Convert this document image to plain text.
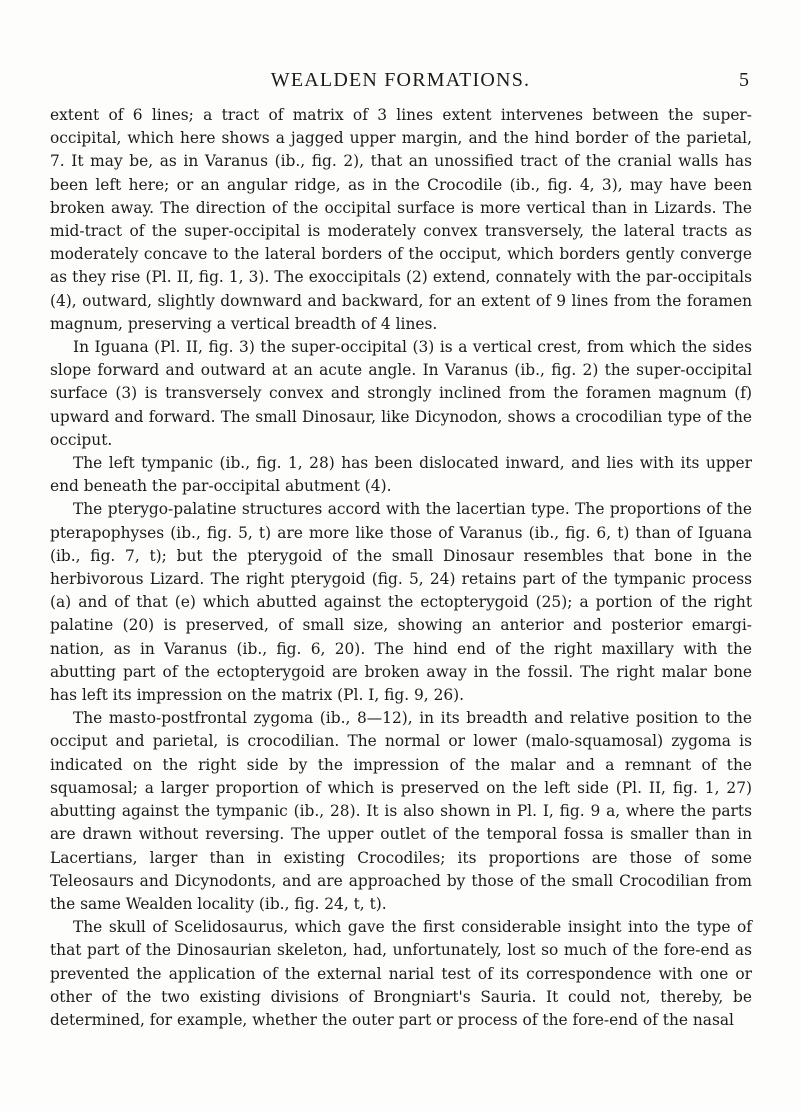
WEALDEN FORMATIONS.	5

extent of 6 lines; a tract of matrix of 3 lines extent intervenes between the super-occipital, which here shows a jagged upper margin, and the hind border of the parietal, 7. It may be, as in Varanus (ib., fig. 2), that an unossified tract of the cranial walls has been left here; or an angular ridge, as in the Crocodile (ib., fig. 4, 3), may have been broken away. The direction of the occipital surface is more vertical than in Lizards. The mid-tract of the super-occipital is moderately convex transversely, the lateral tracts as moderately concave to the lateral borders of the occiput, which borders gently converge as they rise (Pl. II, fig. 1, 3). The exoccipitals (2) extend, connately with the par-occipitals (4), outward, slightly downward and backward, for an extent of 9 lines from the foramen magnum, preserving a vertical breadth of 4 lines.

In Iguana (Pl. II, fig. 3) the super-occipital (3) is a vertical crest, from which the sides slope forward and outward at an acute angle. In Varanus (ib., fig. 2) the super-occipital surface (3) is transversely convex and strongly inclined from the foramen magnum (f) upward and forward. The small Dinosaur, like Dicynodon, shows a crocodilian type of the occiput.

The left tympanic (ib., fig. 1, 28) has been dislocated inward, and lies with its upper end beneath the par-occipital abutment (4).

The pterygo-palatine structures accord with the lacertian type. The proportions of the pterapophyses (ib., fig. 5, t) are more like those of Varanus (ib., fig. 6, t) than of Iguana (ib., fig. 7, t); but the pterygoid of the small Dinosaur resembles that bone in the herbivorous Lizard. The right pterygoid (fig. 5, 24) retains part of the tympanic process (a) and of that (e) which abutted against the ectopterygoid (25); a portion of the right palatine (20) is preserved, of small size, showing an anterior and posterior emargi-nation, as in Varanus (ib., fig. 6, 20). The hind end of the right maxillary with the abutting part of the ectopterygoid are broken away in the fossil. The right malar bone has left its impression on the matrix (Pl. I, fig. 9, 26).

The masto-postfrontal zygoma (ib., 8—12), in its breadth and relative position to the occiput and parietal, is crocodilian. The normal or lower (malo-squamosal) zygoma is indicated on the right side by the impression of the malar and a remnant of the squamosal; a larger proportion of which is preserved on the left side (Pl. II, fig. 1, 27) abutting against the tympanic (ib., 28). It is also shown in Pl. I, fig. 9 a, where the parts are drawn without reversing. The upper outlet of the temporal fossa is smaller than in Lacertians, larger than in existing Crocodiles; its proportions are those of some Teleosaurs and Dicynodonts, and are approached by those of the small Crocodilian from the same Wealden locality (ib., fig. 24, t, t).

The skull of Scelidosaurus, which gave the first considerable insight into the type of that part of the Dinosaurian skeleton, had, unfortunately, lost so much of the fore-end as prevented the application of the external narial test of its correspondence with one or other of the two existing divisions of Brongniart's Sauria. It could not, thereby, be determined, for example, whether the outer part or process of the fore-end of the nasal
